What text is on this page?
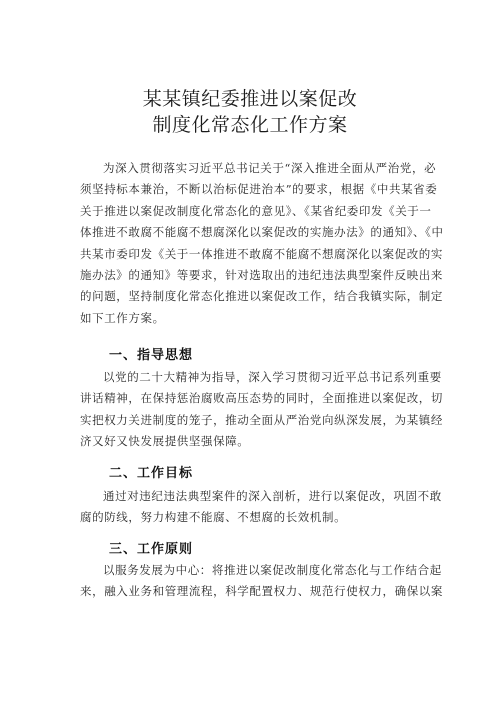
某某镇纪委推进以案促改
制度化常态化工作方案
为深入贯彻落实习近平总书记关于“深入推进全面从严治党，必
须坚持标本兼治，不断以治标促进治本”的要求，根据《中共某省委
关于推进以案促改制度化常态化的意见》、《某省纪委印发《关于一
体推进不敢腐不能腐不想腐深化以案促改的实施办法》的通知》、《中
共某市委印发《关于一体推进不敢腐不能腐不想腐深化以案促改的实
施办法》的通知》等要求，针对选取出的违纪违法典型案件反映出来
的问题，坚持制度化常态化推进以案促改工作，结合我镇实际，制定
如下工作方案。
一、指导思想
以党的二十大精神为指导，深入学习贯彻习近平总书记系列重要
讲话精神，在保持惩治腐败高压态势的同时，全面推进以案促改，切
实把权力关进制度的笼子，推动全面从严治党向纵深发展，为某镇经
济又好又快发展提供坚强保障。
二、工作目标
通过对违纪违法典型案件的深入剖析，进行以案促改，巩固不敢
腐的防线，努力构建不能腐、不想腐的长效机制。
三、工作原则
以服务发展为中心：将推进以案促改制度化常态化与工作结合起
来，融入业务和管理流程，科学配置权力、规范行使权力，确保以案
